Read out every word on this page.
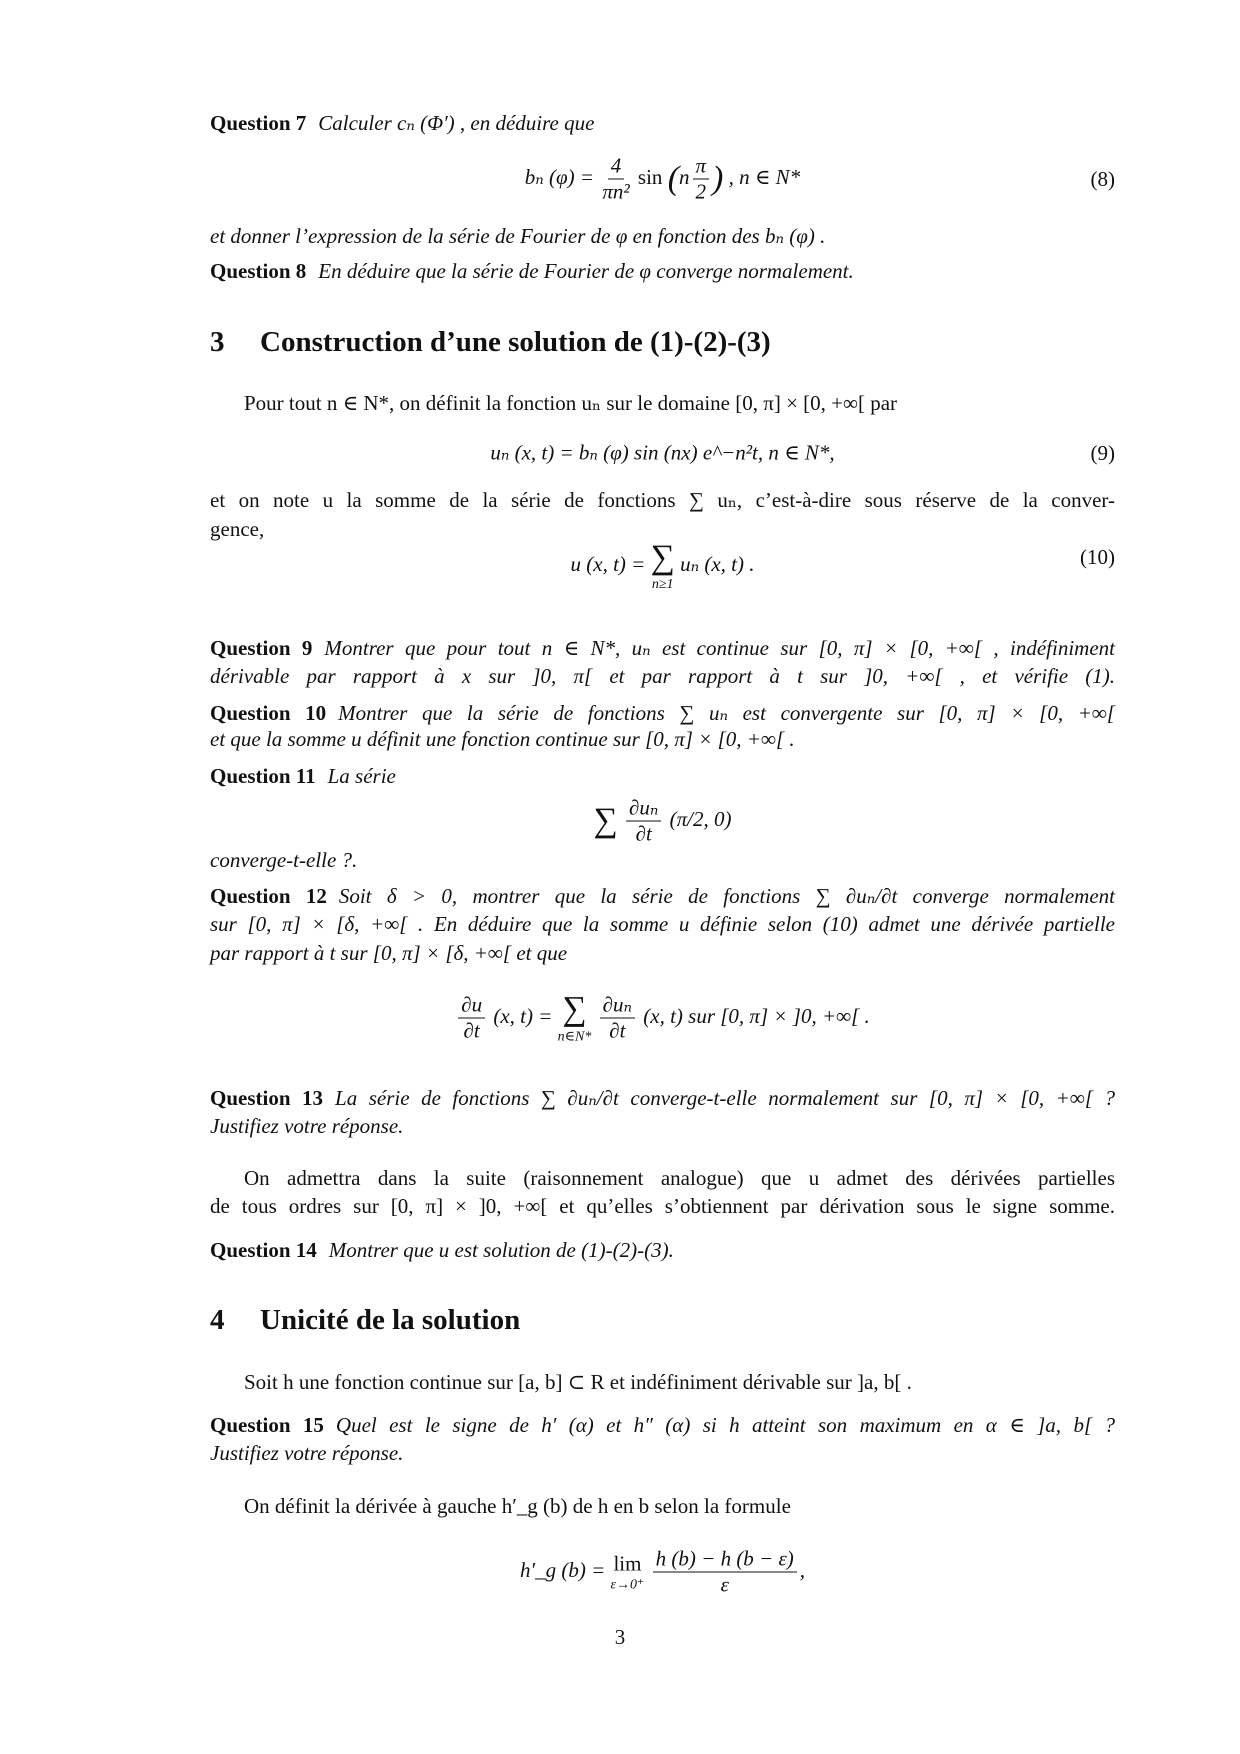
Question 7 Calculer cₙ (Φ′) , en déduire que
bₙ $(\varphi) = \frac{4}{\text{πn²}}$ $\sin (n \frac{\pi}{2}$ ) , n ∈ N*	(8)
et donner l’expression de la série de Fourier de φ en fonction des bₙ (φ) .
Question 8 En déduire que la série de Fourier de φ converge normalement.
3 Construction d’une solution de (1)-(2)-(3)
Pour tout n ∈ N*, on définit la fonction uₙ sur le domaine [0, π] × [0, +∞[ par
uₙ (x, t) = bₙ (φ) sin (nx) e^−n²t, n ∈ N*,	(9)
et on note u la somme de la série de fonctions ∑ uₙ, c’est-à-dire sous réserve de la conver-
gence,
u (x, t) = ∑
n≥1
uₙ (x, t) .	(10)
Question 9 Montrer que pour tout n ∈ N*, uₙ est continue sur [0, π] × [0, +∞[ , indéfiniment
dérivable par rapport à x sur ]0, π[ et par rapport à t sur ]0, +∞[ , et vérifie (1).
Question 10 Montrer que la série de fonctions ∑ uₙ est convergente sur [0, π] × [0, +∞[
et que la somme u définit une fonction continue sur [0, π] × [0, +∞[ .
Question 11 La série
∑ $\frac{\text{∂uₙ}}{\partial t} (\pi/2$, 0)
converge-t-elle ?.
Question 12 Soit δ > 0, montrer que la série de fonctions ∑ ∂uₙ/∂t converge normalement
sur [0, π] × [δ, +∞[ . En déduire que la somme u définie selon (10) admet une dérivée partielle
par rapport à t sur [0, π] × [δ, +∞[ et que
$\frac{\partial u}{\partial t} (x$, t) = ∑
n∈N*
$\frac{\text{∂uₙ}}{\partial t} (x$, t) sur [0, π] × ]0, +∞[ .
Question 13 La série de fonctions ∑ ∂uₙ/∂t converge-t-elle normalement sur [0, π] × [0, +∞[ ?
Justifiez votre réponse.
On admettra dans la suite (raisonnement analogue) que u admet des dérivées partielles
de tous ordres sur [0, π] × ]0, +∞[ et qu’elles s’obtiennent par dérivation sous le signe somme.
Question 14 Montrer que u est solution de (1)-(2)-(3).
4 Unicité de la solution
Soit h une fonction continue sur [a, b] ⊂ R et indéfiniment dérivable sur ]a, b[ .
Question 15 Quel est le signe de h′ (α) et h″ (α) si h atteint son maximum en α ∈ ]a, b[ ?
Justifiez votre réponse.
On définit la dérivée à gauche h′_g (b) de h en b selon la formule
h′_g (b) = lim
ε→0⁺
$\frac{h (b) - h (b - \varepsilon)}{\varepsilon}$ ,
3
